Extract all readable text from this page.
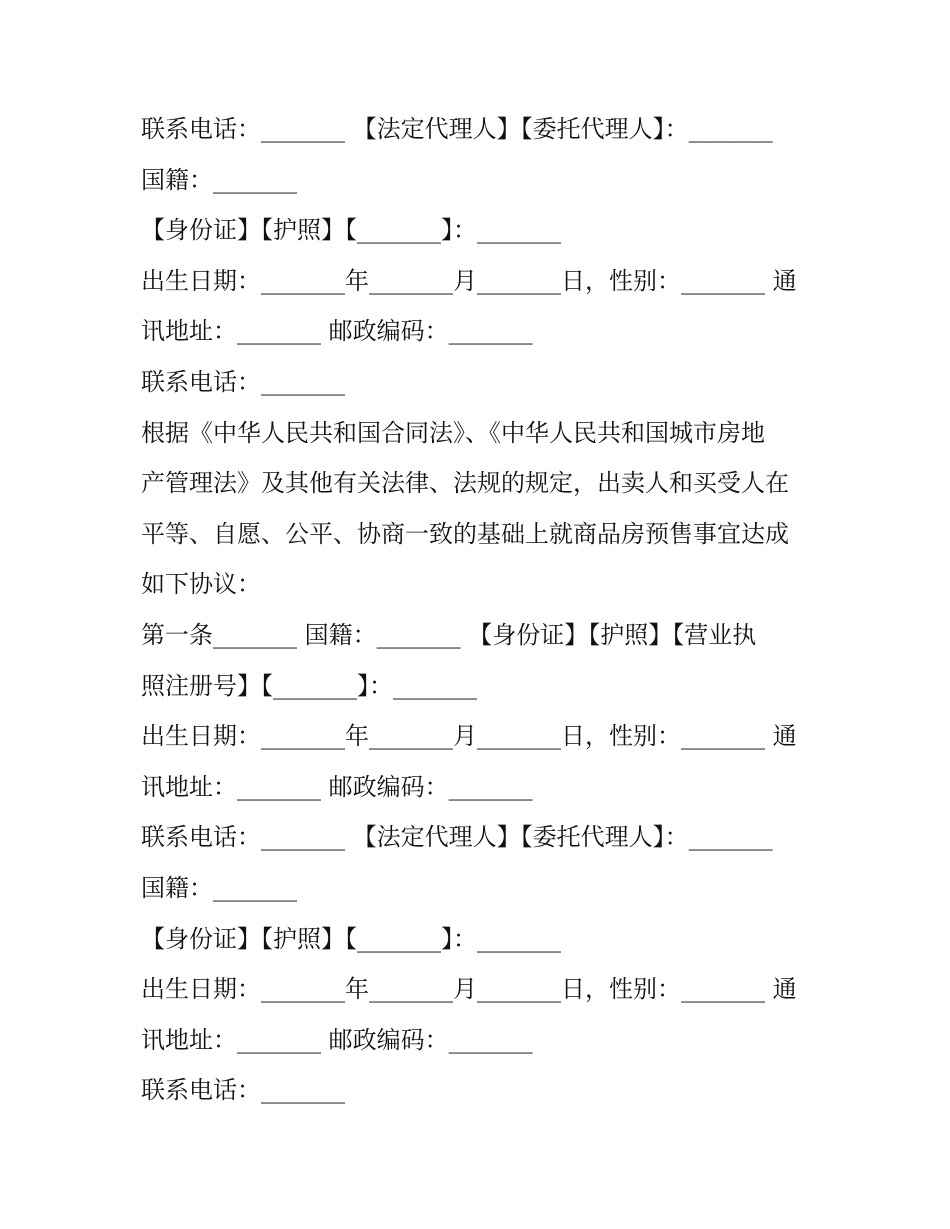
联系电话：_______ 【法定代理人】【委托代理人】：_______
国籍：_______
【身份证】【护照】【_______】：_______
出生日期：_______年_______月_______日，性别：_______ 通
讯地址：_______ 邮政编码：_______
联系电话：_______
根据《中华人民共和国合同法》、《中华人民共和国城市房地
产管理法》及其他有关法律、法规的规定，出卖人和买受人在
平等、自愿、公平、协商一致的基础上就商品房预售事宜达成
如下协议：
第一条_______ 国籍：_______ 【身份证】【护照】【营业执
照注册号】【_______】：_______
出生日期：_______年_______月_______日，性别：_______ 通
讯地址：_______ 邮政编码：_______
联系电话：_______ 【法定代理人】【委托代理人】：_______
国籍：_______
【身份证】【护照】【_______】：_______
出生日期：_______年_______月_______日，性别：_______ 通
讯地址：_______ 邮政编码：_______
联系电话：_______
